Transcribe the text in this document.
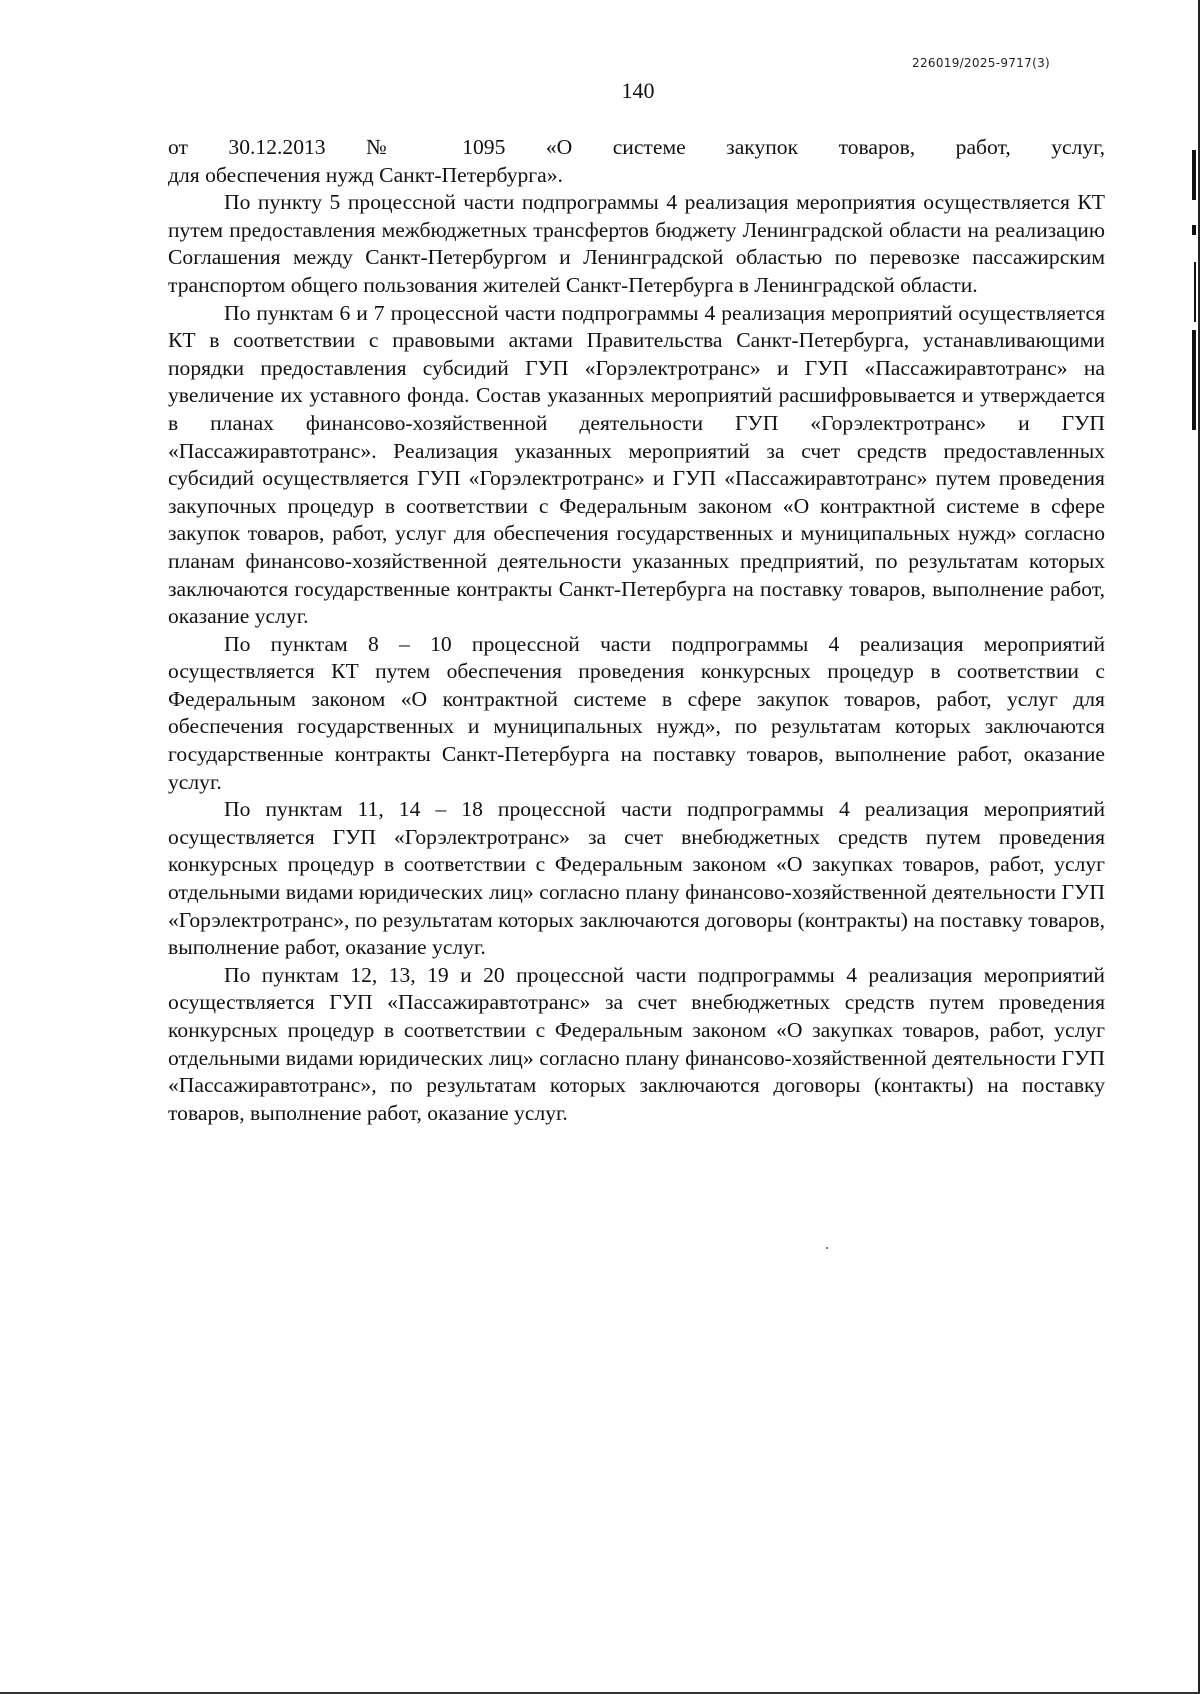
226019/2025-9717(3)
140

от 30.12.2013 № 1095 «О системе закупок товаров, работ, услуг,
для обеспечения нужд Санкт-Петербурга».

По пункту 5 процессной части подпрограммы 4 реализация мероприятия осуществляется КТ путем предоставления межбюджетных трансфертов бюджету Ленинградской области на реализацию Соглашения между Санкт-Петербургом и Ленинградской областью по перевозке пассажирским транспортом общего пользования жителей Санкт-Петербурга в Ленинградской области.

По пунктам 6 и 7 процессной части подпрограммы 4 реализация мероприятий осуществляется КТ в соответствии с правовыми актами Правительства Санкт-Петербурга, устанавливающими порядки предоставления субсидий ГУП «Горэлектротранс» и ГУП «Пассажиравтотранс» на увеличение их уставного фонда. Состав указанных мероприятий расшифровывается и утверждается в планах финансово-хозяйственной деятельности ГУП «Горэлектротранс» и ГУП «Пассажиравтотранс». Реализация указанных мероприятий за счет средств предоставленных субсидий осуществляется ГУП «Горэлектротранс» и ГУП «Пассажиравтотранс» путем проведения закупочных процедур в соответствии с Федеральным законом «О контрактной системе в сфере закупок товаров, работ, услуг для обеспечения государственных и муниципальных нужд» согласно планам финансово-хозяйственной деятельности указанных предприятий, по результатам которых заключаются государственные контракты Санкт-Петербурга на поставку товаров, выполнение работ, оказание услуг.

По пунктам 8 – 10 процессной части подпрограммы 4 реализация мероприятий осуществляется КТ путем обеспечения проведения конкурсных процедур в соответствии с Федеральным законом «О контрактной системе в сфере закупок товаров, работ, услуг для обеспечения государственных и муниципальных нужд», по результатам которых заключаются государственные контракты Санкт-Петербурга на поставку товаров, выполнение работ, оказание услуг.

По пунктам 11, 14 – 18 процессной части подпрограммы 4 реализация мероприятий осуществляется ГУП «Горэлектротранс» за счет внебюджетных средств путем проведения конкурсных процедур в соответствии с Федеральным законом «О закупках товаров, работ, услуг отдельными видами юридических лиц» согласно плану финансово-хозяйственной деятельности ГУП «Горэлектротранс», по результатам которых заключаются договоры (контракты) на поставку товаров, выполнение работ, оказание услуг.

По пунктам 12, 13, 19 и 20 процессной части подпрограммы 4 реализация мероприятий осуществляется ГУП «Пассажиравтотранс» за счет внебюджетных средств путем проведения конкурсных процедур в соответствии с Федеральным законом «О закупках товаров, работ, услуг отдельными видами юридических лиц» согласно плану финансово-хозяйственной деятельности ГУП «Пассажиравтотранс», по результатам которых заключаются договоры (контакты) на поставку товаров, выполнение работ, оказание услуг.
